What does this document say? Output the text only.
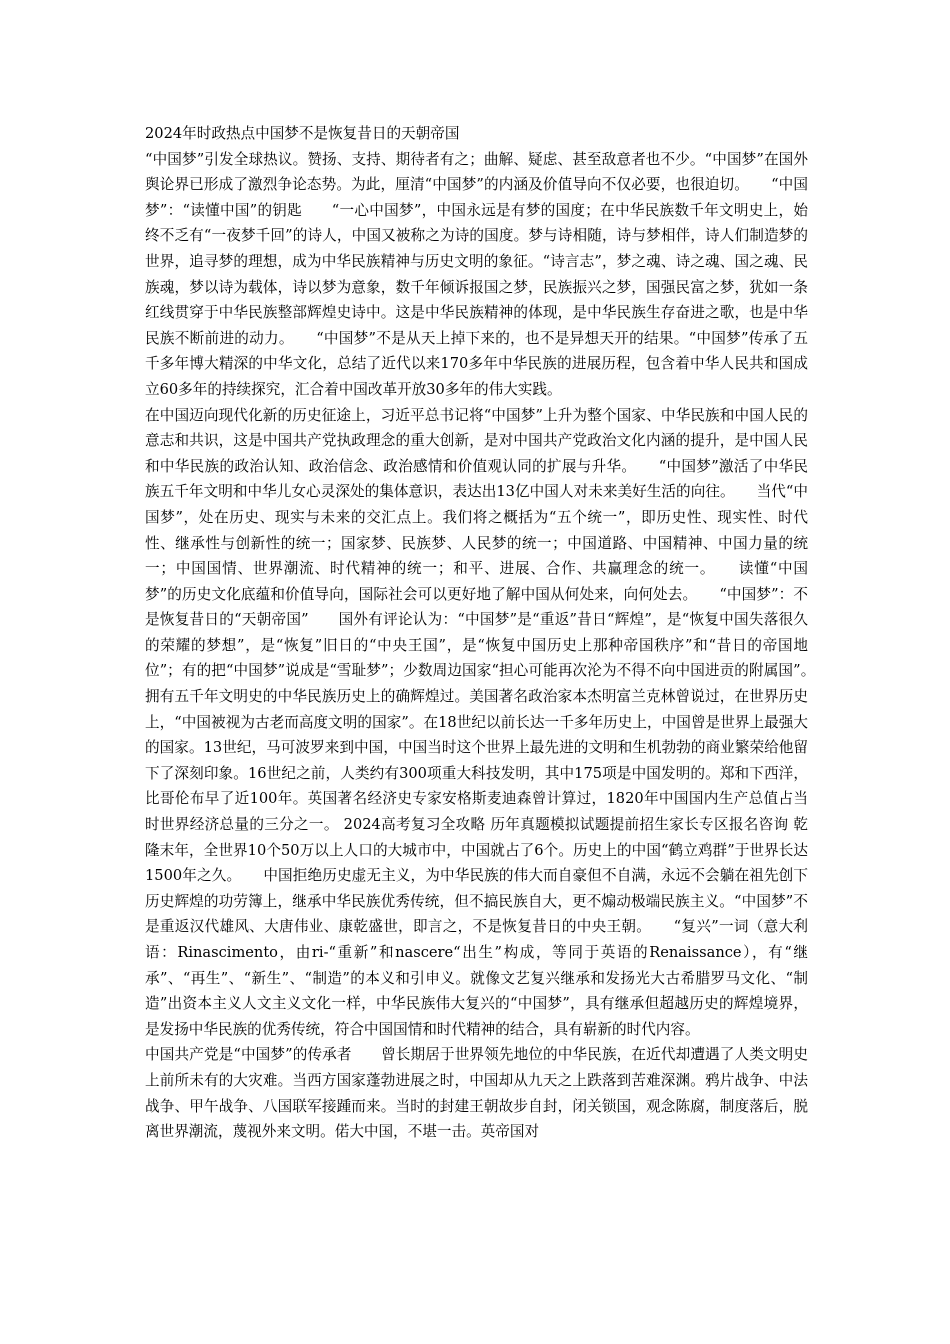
2024年时政热点中国梦不是恢复昔日的天朝帝国

“中国梦”引发全球热议。赞扬、支持、期待者有之；曲解、疑虑、甚至敌意者也不少。“中国梦”在国外舆论界已形成了激烈争论态势。为此，厘清“中国梦”的内涵及价值导向不仅必要，也很迫切。　　“中国梦”：“读懂中国”的钥匙　　“一心中国梦”，中国永远是有梦的国度；在中华民族数千年文明史上，始终不乏有“一夜梦千回”的诗人，中国又被称之为诗的国度。梦与诗相随，诗与梦相伴，诗人们制造梦的世界，追寻梦的理想，成为中华民族精神与历史文明的象征。“诗言志”，梦之魂、诗之魂、国之魂、民族魂，梦以诗为载体，诗以梦为意象，数千年倾诉报国之梦，民族振兴之梦，国强民富之梦，犹如一条红线贯穿于中华民族整部辉煌史诗中。这是中华民族精神的体现，是中华民族生存奋进之歌，也是中华民族不断前进的动力。　　“中国梦”不是从天上掉下来的，也不是异想天开的结果。“中国梦”传承了五千多年博大精深的中华文化，总结了近代以来170多年中华民族的进展历程，包含着中华人民共和国成立60多年的持续探究，汇合着中国改革开放30多年的伟大实践。

在中国迈向现代化新的历史征途上，习近平总书记将“中国梦”上升为整个国家、中华民族和中国人民的意志和共识，这是中国共产党执政理念的重大创新，是对中国共产党政治文化内涵的提升，是中国人民和中华民族的政治认知、政治信念、政治感情和价值观认同的扩展与升华。　　“中国梦”激活了中华民族五千年文明和中华儿女心灵深处的集体意识，表达出13亿中国人对未来美好生活的向往。　　当代“中国梦”，处在历史、现实与未来的交汇点上。我们将之概括为“五个统一”，即历史性、现实性、时代性、继承性与创新性的统一；国家梦、民族梦、人民梦的统一；中国道路、中国精神、中国力量的统一；中国国情、世界潮流、时代精神的统一；和平、进展、合作、共赢理念的统一。　　读懂“中国梦”的历史文化底蕴和价值导向，国际社会可以更好地了解中国从何处来，向何处去。　　“中国梦”：不是恢复昔日的“天朝帝国”　　国外有评论认为：“中国梦”是“重返”昔日“辉煌”，是“恢复中国失落很久的荣耀的梦想”，是“恢复”旧日的“中央王国”，是“恢复中国历史上那种帝国秩序”和“昔日的帝国地位”；有的把“中国梦”说成是“雪耻梦”；少数周边国家“担心可能再次沦为不得不向中国进贡的附属国”。　　拥有五千年文明史的中华民族历史上的确辉煌过。美国著名政治家本杰明富兰克林曾说过，在世界历史上，“中国被视为古老而高度文明的国家”。在18世纪以前长达一千多年历史上，中国曾是世界上最强大的国家。13世纪，马可波罗来到中国，中国当时这个世界上最先进的文明和生机勃勃的商业繁荣给他留下了深刻印象。16世纪之前，人类约有300项重大科技发明，其中175项是中国发明的。郑和下西洋，比哥伦布早了近100年。英国著名经济史专家安格斯麦迪森曾计算过，1820年中国国内生产总值占当时世界经济总量的三分之一。 2024高考复习全攻略 历年真题模拟试题提前招生家长专区报名咨询 乾隆末年，全世界10个50万以上人口的大城市中，中国就占了6个。历史上的中国“鹤立鸡群”于世界长达1500年之久。　　中国拒绝历史虚无主义，为中华民族的伟大而自豪但不自满，永远不会躺在祖先创下历史辉煌的功劳簿上，继承中华民族优秀传统，但不搞民族自大，更不煽动极端民族主义。“中国梦”不是重返汉代雄风、大唐伟业、康乾盛世，即言之，不是恢复昔日的中央王朝。　　“复兴”一词（意大利语：Rinascimento，由ri-“重新”和nascere“出生”构成，等同于英语的Renaissance），有“继承”、“再生”、“新生”、“制造”的本义和引申义。就像文艺复兴继承和发扬光大古希腊罗马文化、“制造”出资本主义人文主义文化一样，中华民族伟大复兴的“中国梦”，具有继承但超越历史的辉煌境界，是发扬中华民族的优秀传统，符合中国国情和时代精神的结合，具有崭新的时代内容。

中国共产党是“中国梦”的传承者　　曾长期居于世界领先地位的中华民族，在近代却遭遇了人类文明史上前所未有的大灾难。当西方国家蓬勃进展之时，中国却从九天之上跌落到苦难深渊。鸦片战争、中法战争、甲午战争、八国联军接踵而来。当时的封建王朝故步自封，闭关锁国，观念陈腐，制度落后，脱离世界潮流，蔑视外来文明。偌大中国，不堪一击。英帝国对
